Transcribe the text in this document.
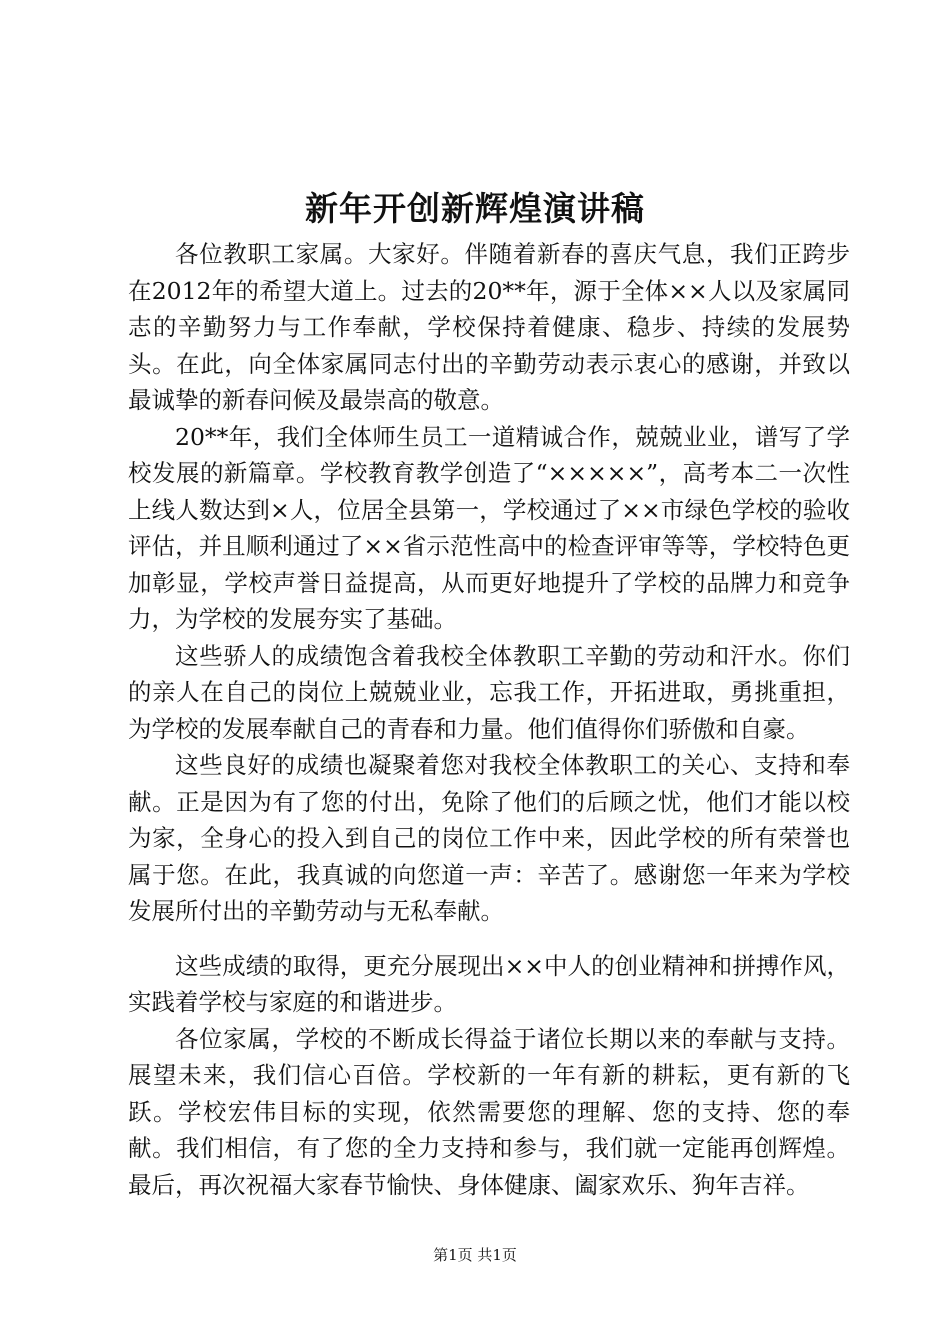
新年开创新辉煌演讲稿

各位教职工家属。大家好。伴随着新春的喜庆气息，我们正跨步在2012年的希望大道上。过去的20**年，源于全体××人以及家属同志的辛勤努力与工作奉献，学校保持着健康、稳步、持续的发展势头。在此，向全体家属同志付出的辛勤劳动表示衷心的感谢，并致以最诚挚的新春问候及最崇高的敬意。

20**年，我们全体师生员工一道精诚合作，兢兢业业，谱写了学校发展的新篇章。学校教育教学创造了“×××××”，高考本二一次性上线人数达到×人，位居全县第一，学校通过了××市绿色学校的验收评估，并且顺利通过了××省示范性高中的检查评审等等，学校特色更加彰显，学校声誉日益提高，从而更好地提升了学校的品牌力和竞争力，为学校的发展夯实了基础。

这些骄人的成绩饱含着我校全体教职工辛勤的劳动和汗水。你们的亲人在自己的岗位上兢兢业业，忘我工作，开拓进取，勇挑重担，为学校的发展奉献自己的青春和力量。他们值得你们骄傲和自豪。

这些良好的成绩也凝聚着您对我校全体教职工的关心、支持和奉献。正是因为有了您的付出，免除了他们的后顾之忧，他们才能以校为家，全身心的投入到自己的岗位工作中来，因此学校的所有荣誉也属于您。在此，我真诚的向您道一声：辛苦了。感谢您一年来为学校发展所付出的辛勤劳动与无私奉献。

这些成绩的取得，更充分展现出××中人的创业精神和拼搏作风，实践着学校与家庭的和谐进步。

各位家属，学校的不断成长得益于诸位长期以来的奉献与支持。展望未来，我们信心百倍。学校新的一年有新的耕耘，更有新的飞跃。学校宏伟目标的实现，依然需要您的理解、您的支持、您的奉献。我们相信，有了您的全力支持和参与，我们就一定能再创辉煌。最后，再次祝福大家春节愉快、身体健康、阖家欢乐、狗年吉祥。

第1页 共1页
